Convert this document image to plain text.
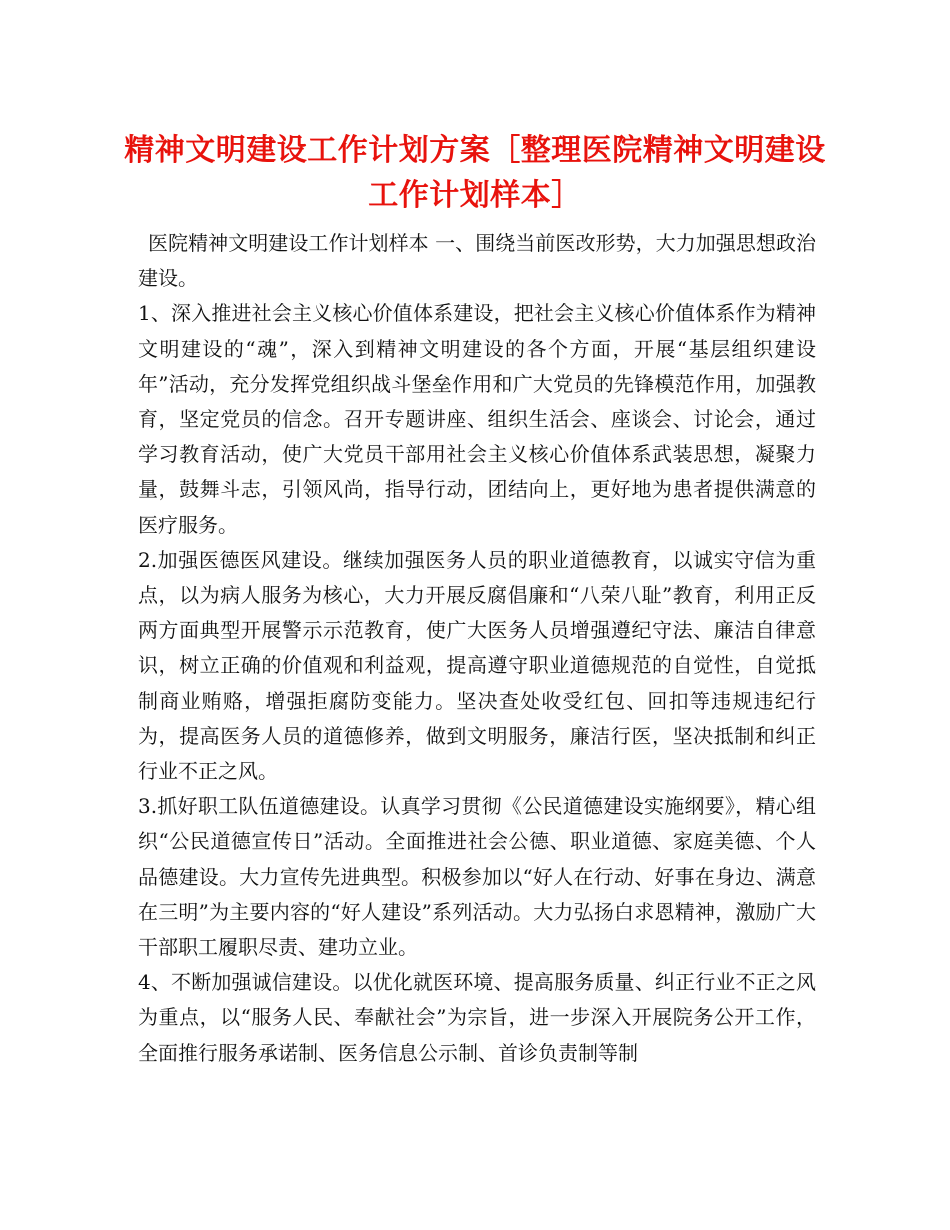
精神文明建设工作计划方案［整理医院精神文明建设工作计划样本］

医院精神文明建设工作计划样本 一、围绕当前医改形势，大力加强思想政治建设。

1、深入推进社会主义核心价值体系建设，把社会主义核心价值体系作为精神文明建设的“魂”，深入到精神文明建设的各个方面，开展“基层组织建设年”活动，充分发挥党组织战斗堡垒作用和广大党员的先锋模范作用，加强教育，坚定党员的信念。召开专题讲座、组织生活会、座谈会、讨论会，通过学习教育活动，使广大党员干部用社会主义核心价值体系武装思想，凝聚力量，鼓舞斗志，引领风尚，指导行动，团结向上，更好地为患者提供满意的医疗服务。

2.加强医德医风建设。继续加强医务人员的职业道德教育，以诚实守信为重点，以为病人服务为核心，大力开展反腐倡廉和“八荣八耻”教育，利用正反两方面典型开展警示示范教育，使广大医务人员增强遵纪守法、廉洁自律意识，树立正确的价值观和利益观，提高遵守职业道德规范的自觉性，自觉抵制商业贿赂，增强拒腐防变能力。坚决查处收受红包、回扣等违规违纪行为，提高医务人员的道德修养，做到文明服务，廉洁行医，坚决抵制和纠正行业不正之风。

3.抓好职工队伍道德建设。认真学习贯彻《公民道德建设实施纲要》，精心组织“公民道德宣传日”活动。全面推进社会公德、职业道德、家庭美德、个人品德建设。大力宣传先进典型。积极参加以“好人在行动、好事在身边、满意在三明”为主要内容的“好人建设”系列活动。大力弘扬白求恩精神，激励广大干部职工履职尽责、建功立业。

4、不断加强诚信建设。以优化就医环境、提高服务质量、纠正行业不正之风为重点，以“服务人民、奉献社会”为宗旨，进一步深入开展院务公开工作，全面推行服务承诺制、医务信息公示制、首诊负责制等制
